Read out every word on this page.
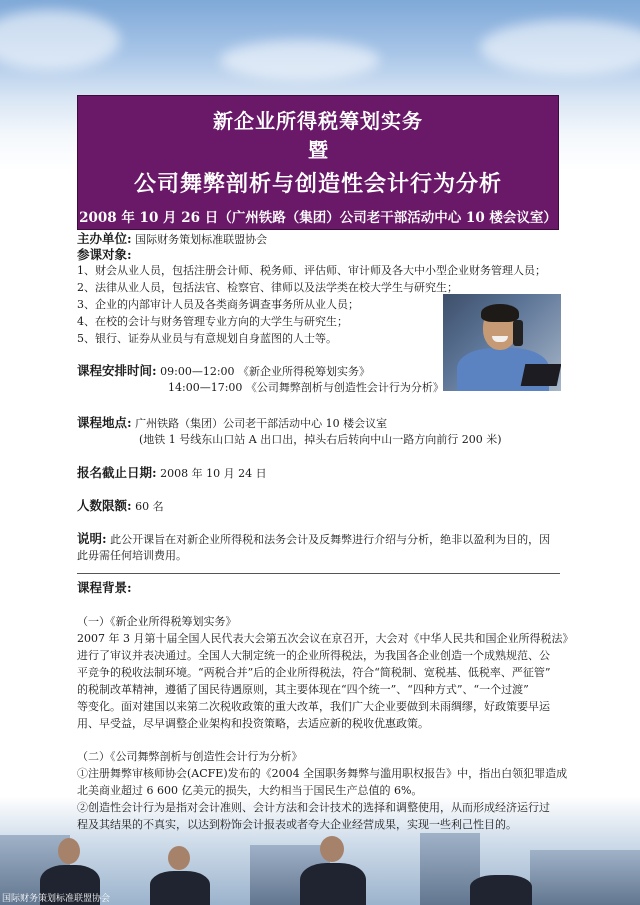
国际财务策划标准联盟协会
新企业所得税筹划实务
暨
公司舞弊剖析与创造性会计行为分析
2008 年 10 月 26 日（广州铁路（集团）公司老干部活动中心 10 楼会议室）
主办单位: 国际财务策划标准联盟协会
参课对象:
1、财会从业人员，包括注册会计师、税务师、评估师、审计师及各大中小型企业财务管理人员；
2、法律从业人员，包括法官、检察官、律师以及法学类在校大学生与研究生；
3、企业的内部审计人员及各类商务调查事务所从业人员；
4、在校的会计与财务管理专业方向的大学生与研究生；
5、银行、证券从业员与有意规划自身蓝图的人士等。
课程安排时间: 09:00—12:00 《新企业所得税筹划实务》
14:00—17:00 《公司舞弊剖析与创造性会计行为分析》
课程地点: 广州铁路（集团）公司老干部活动中心 10 楼会议室
(地铁 1 号线东山口站 A 出口出，掉头右后转向中山一路方向前行 200 米)
报名截止日期: 2008 年 10 月 24 日
人数限额: 60 名
说明: 此公开课旨在对新企业所得税和法务会计及反舞弊进行介绍与分析，绝非以盈利为目的，因
此毋需任何培训费用。
课程背景:
（一）《新企业所得税筹划实务》
2007 年 3 月第十届全国人民代表大会第五次会议在京召开，大会对《中华人民共和国企业所得税法》
进行了审议并表决通过。全国人大制定统一的企业所得税法，为我国各企业创造一个成熟规范、公
平竞争的税收法制环境。“两税合并”后的企业所得税法，符合“简税制、宽税基、低税率、严征管”
的税制改革精神，遵循了国民待遇原则，其主要体现在“四个统一”、“四种方式”、“一个过渡”
等变化。面对建国以来第二次税收政策的重大改革，我们广大企业要做到未雨绸缪，好政策要早运
用、早受益，尽早调整企业架构和投资策略，去适应新的税收优惠政策。
（二）《公司舞弊剖析与创造性会计行为分析》
①注册舞弊审核师协会(ACFE)发布的《2004 全国职务舞弊与滥用职权报告》中，指出白领犯罪造成
北美商业超过 6 600 亿美元的损失，大约相当于国民生产总值的 6%。
②创造性会计行为是指对会计准则、会计方法和会计技术的选择和调整使用，从而形成经济运行过
程及其结果的不真实，以达到粉饰会计报表或者夸大企业经营成果，实现一些利己性目的。
